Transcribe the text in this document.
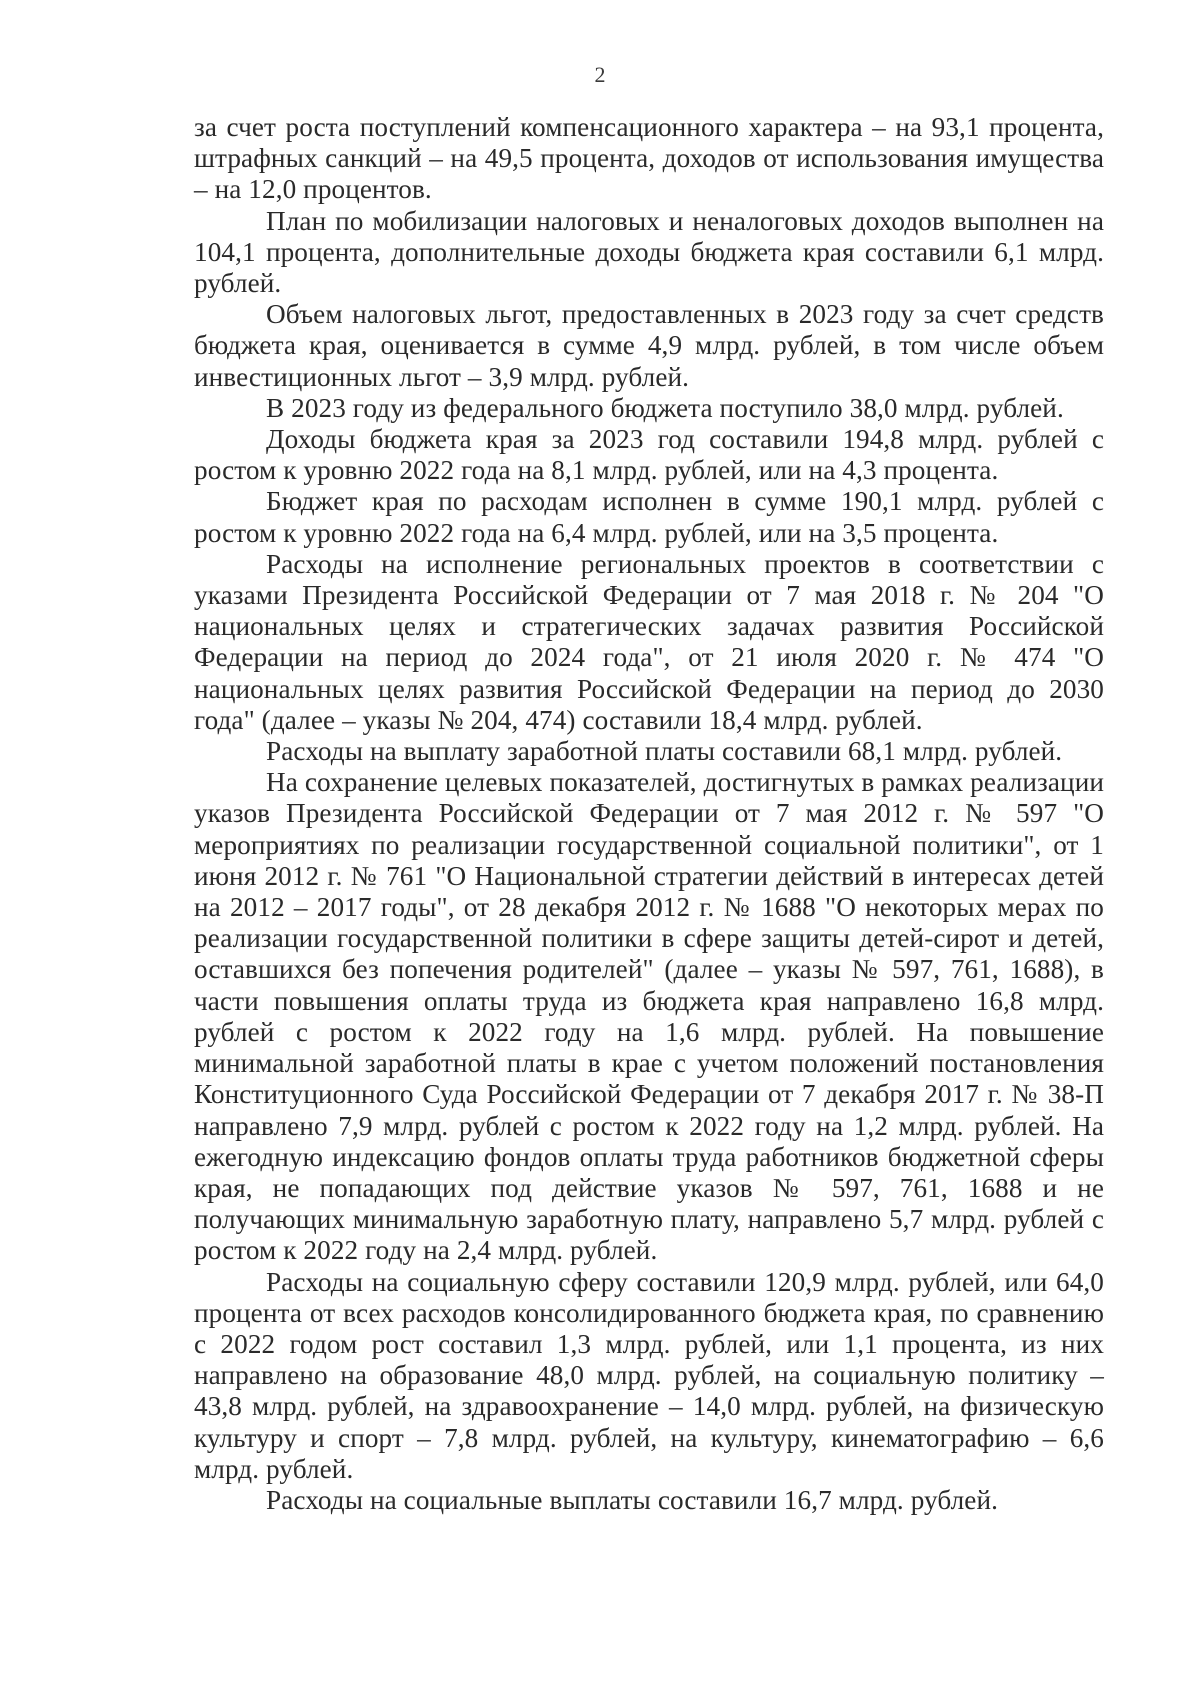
2

за счет роста поступлений компенсационного характера – на 93,1 процента, штрафных санкций – на 49,5 процента, доходов от использования имущества – на 12,0 процентов.

План по мобилизации налоговых и неналоговых доходов выполнен на 104,1 процента, дополнительные доходы бюджета края составили 6,1 млрд. рублей.

Объем налоговых льгот, предоставленных в 2023 году за счет средств бюджета края, оценивается в сумме 4,9 млрд. рублей, в том числе объем инвестиционных льгот – 3,9 млрд. рублей.

В 2023 году из федерального бюджета поступило 38,0 млрд. рублей.

Доходы бюджета края за 2023 год составили 194,8 млрд. рублей с ростом к уровню 2022 года на 8,1 млрд. рублей, или на 4,3 процента.

Бюджет края по расходам исполнен в сумме 190,1 млрд. рублей с ростом к уровню 2022 года на 6,4 млрд. рублей, или на 3,5 процента.

Расходы на исполнение региональных проектов в соответствии с указами Президента Российской Федерации от 7 мая 2018 г. № 204 "О национальных целях и стратегических задачах развития Российской Федерации на период до 2024 года", от 21 июля 2020 г. № 474 "О национальных целях развития Российской Федерации на период до 2030 года" (далее – указы № 204, 474) составили 18,4 млрд. рублей.

Расходы на выплату заработной платы составили 68,1 млрд. рублей.

На сохранение целевых показателей, достигнутых в рамках реализации указов Президента Российской Федерации от 7 мая 2012 г. № 597 "О мероприятиях по реализации государственной социальной политики", от 1 июня 2012 г. № 761 "О Национальной стратегии действий в интересах детей на 2012 – 2017 годы", от 28 декабря 2012 г. № 1688 "О некоторых мерах по реализации государственной политики в сфере защиты детей-сирот и детей, оставшихся без попечения родителей" (далее – указы № 597, 761, 1688), в части повышения оплаты труда из бюджета края направлено 16,8 млрд. рублей с ростом к 2022 году на 1,6 млрд. рублей. На повышение минимальной заработной платы в крае с учетом положений постановления Конституционного Суда Российской Федерации от 7 декабря 2017 г. № 38-П направлено 7,9 млрд. рублей с ростом к 2022 году на 1,2 млрд. рублей. На ежегодную индексацию фондов оплаты труда работников бюджетной сферы края, не попадающих под действие указов № 597, 761, 1688 и не получающих минимальную заработную плату, направлено 5,7 млрд. рублей с ростом к 2022 году на 2,4 млрд. рублей.

Расходы на социальную сферу составили 120,9 млрд. рублей, или 64,0 процента от всех расходов консолидированного бюджета края, по сравнению с 2022 годом рост составил 1,3 млрд. рублей, или 1,1 процента, из них направлено на образование 48,0 млрд. рублей, на социальную политику – 43,8 млрд. рублей, на здравоохранение – 14,0 млрд. рублей, на физическую культуру и спорт – 7,8 млрд. рублей, на культуру, кинематографию – 6,6 млрд. рублей.

Расходы на социальные выплаты составили 16,7 млрд. рублей.
